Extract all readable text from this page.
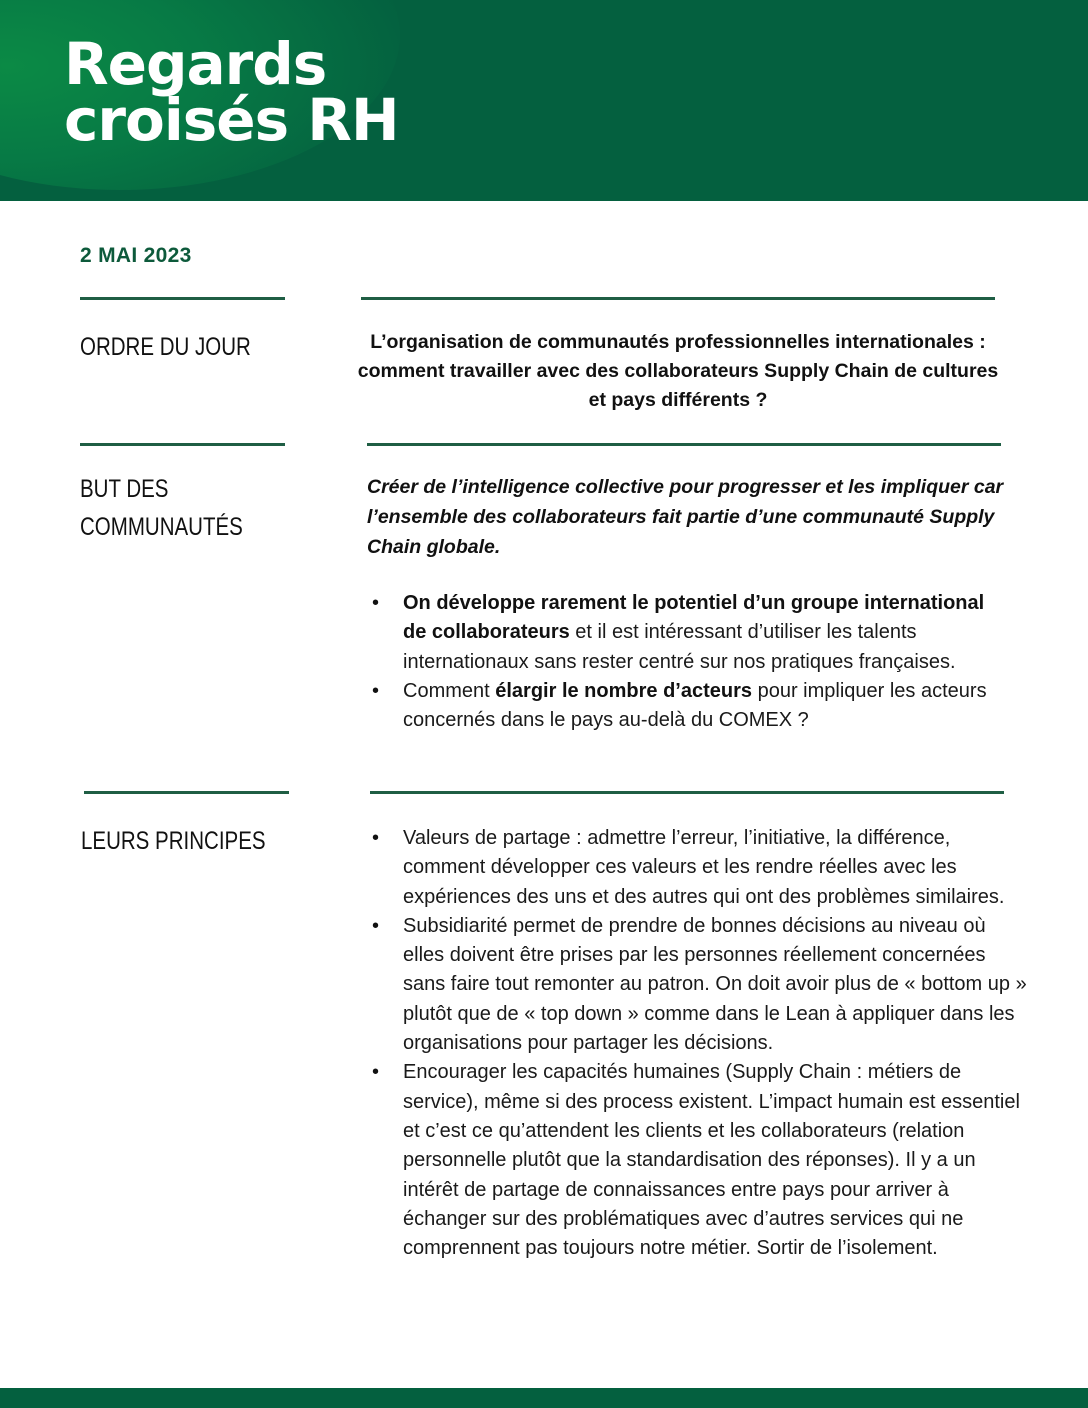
Regards
croisés RH
2 MAI 2023
ORDRE DU JOUR	L’organisation de communautés professionnelles internationales : comment travailler avec des collaborateurs Supply Chain de cultures et pays différents ?

BUT DES
COMMUNAUTÉS

Créer de l’intelligence collective pour progresser et les impliquer car l’ensemble des collaborateurs fait partie d’une communauté Supply Chain globale.

• On développe rarement le potentiel d’un groupe international de collaborateurs et il est intéressant d’utiliser les talents internationaux sans rester centré sur nos pratiques françaises.
• Comment élargir le nombre d’acteurs pour impliquer les acteurs concernés dans le pays au-delà du COMEX ?
LEURS PRINCIPES
•	Valeurs de partage : admettre l’erreur, l’initiative, la différence, comment développer ces valeurs et les rendre réelles avec les expériences des uns et des autres qui ont des problèmes similaires.
• Subsidiarité permet de prendre de bonnes décisions au niveau où elles doivent être prises par les personnes réellement concernées sans faire tout remonter au patron. On doit avoir plus de « bottom up » plutôt que de « top down » comme dans le Lean à appliquer dans les organisations pour partager les décisions.
• Encourager les capacités humaines (Supply Chain : métiers de service), même si des process existent. L’impact humain est essentiel et c’est ce qu’attendent les clients et les collaborateurs (relation personnelle plutôt que la standardisation des réponses). Il y a un intérêt de partage de connaissances entre pays pour arriver à échanger sur des problématiques avec d’autres services qui ne comprennent pas toujours notre métier. Sortir de l’isolement.
